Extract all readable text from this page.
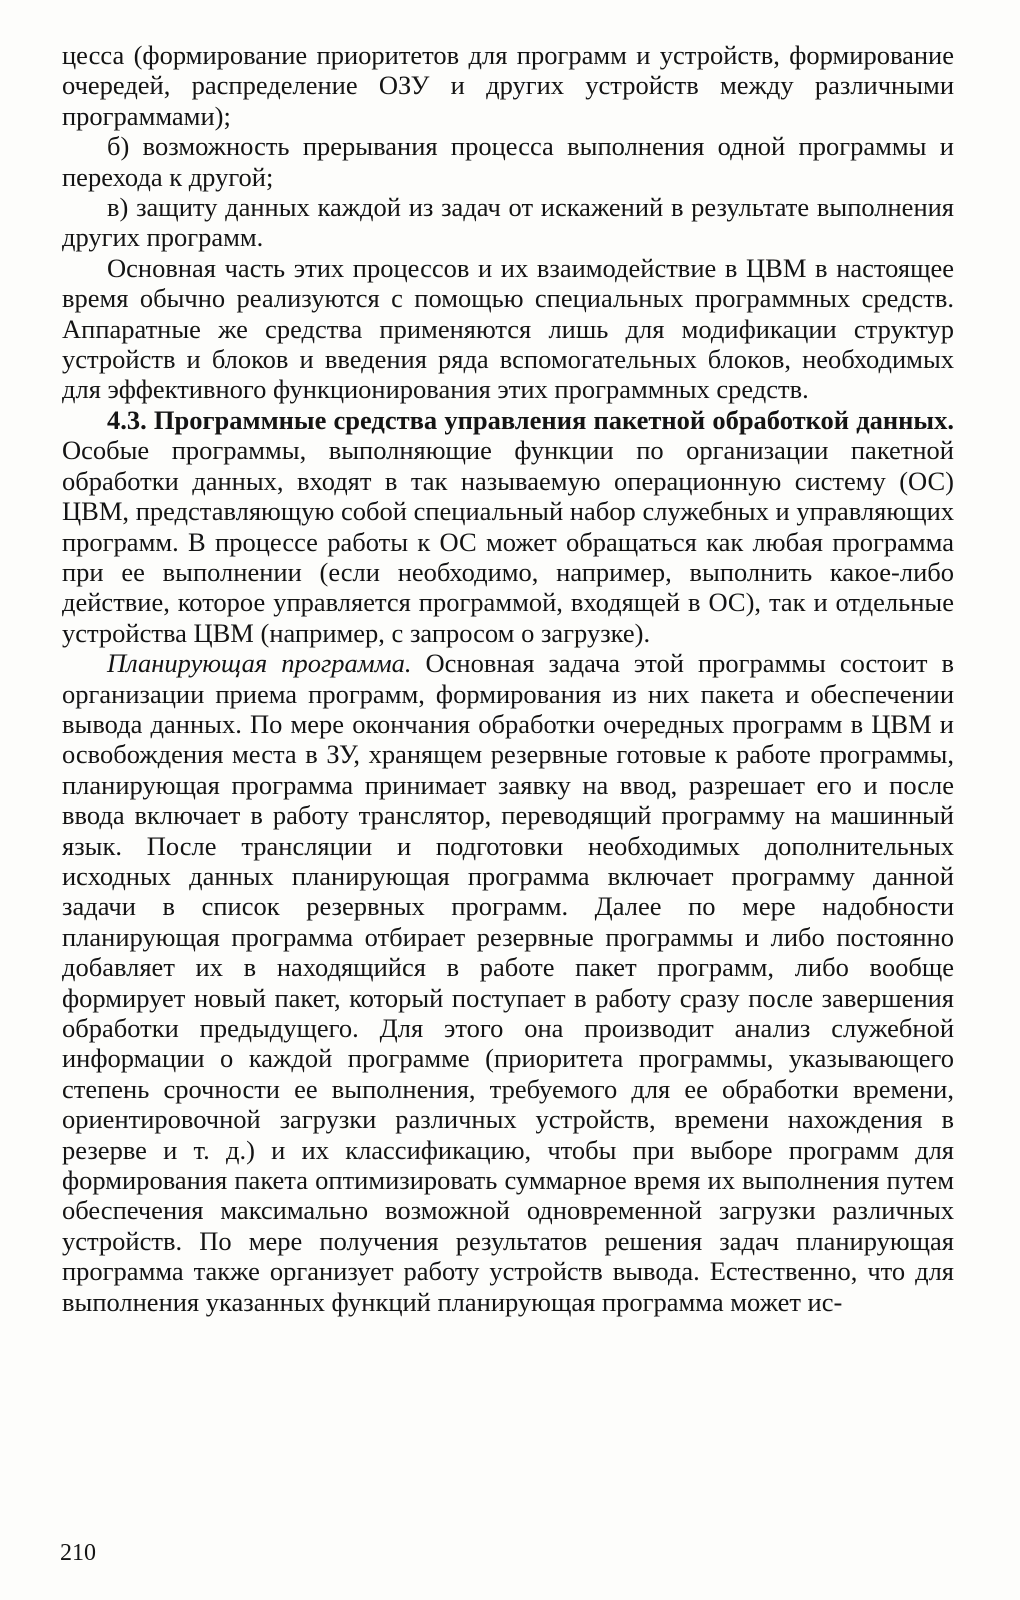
цесса (формирование приоритетов для программ и устройств, формирование очередей, распределение ОЗУ и других устройств между различными программами);

б) возможность прерывания процесса выполнения одной программы и перехода к другой;

в) защиту данных каждой из задач от искажений в результате выполнения других программ.

Основная часть этих процессов и их взаимодействие в ЦВМ в настоящее время обычно реализуются с помощью специальных программных средств. Аппаратные же средства применяются лишь для модификации структур устройств и блоков и введения ряда вспомогательных блоков, необходимых для эффективного функционирования этих программных средств.

4.3. Программные средства управления пакетной обработкой данных. Особые программы, выполняющие функции по организации пакетной обработки данных, входят в так называемую операционную систему (ОС) ЦВМ, представляющую собой специальный набор служебных и управляющих программ. В процессе работы к ОС может обращаться как любая программа при ее выполнении (если необходимо, например, выполнить какое-либо действие, которое управляется программой, входящей в ОС), так и отдельные устройства ЦВМ (например, с запросом о загрузке).

Планирующая программа. Основная задача этой программы состоит в организации приема программ, формирования из них пакета и обеспечении вывода данных. По мере окончания обработки очередных программ в ЦВМ и освобождения места в ЗУ, хранящем резервные готовые к работе программы, планирующая программа принимает заявку на ввод, разрешает его и после ввода включает в работу транслятор, переводящий программу на машинный язык. После трансляции и подготовки необходимых дополнительных исходных данных планирующая программа включает программу данной задачи в список резервных программ. Далее по мере надобности планирующая программа отбирает резервные программы и либо постоянно добавляет их в находящийся в работе пакет программ, либо вообще формирует новый пакет, который поступает в работу сразу после завершения обработки предыдущего. Для этого она производит анализ служебной информации о каждой программе (приоритета программы, указывающего степень срочности ее выполнения, требуемого для ее обработки времени, ориентировочной загрузки различных устройств, времени нахождения в резерве и т. д.) и их классификацию, чтобы при выборе программ для формирования пакета оптимизировать суммарное время их выполнения путем обеспечения максимально возможной одновременной загрузки различных устройств. По мере получения результатов решения задач планирующая программа также организует работу устройств вывода. Естественно, что для выполнения указанных функций планирующая программа может ис-

210
